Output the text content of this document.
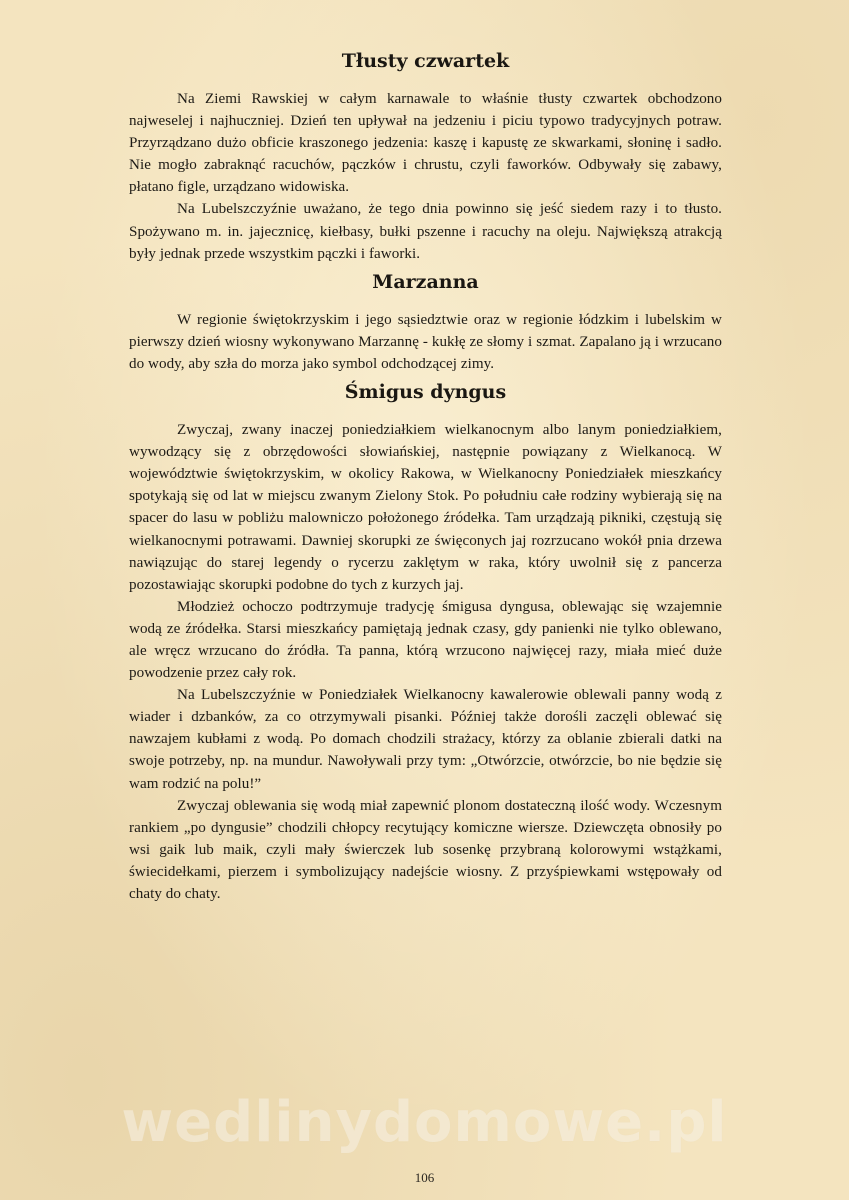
Tłusty czwartek

Na Ziemi Rawskiej w całym karnawale to właśnie tłusty czwartek obchodzono najweselej i najhuczniej. Dzień ten upływał na jedzeniu i piciu typowo tradycyjnych potraw. Przyrządzano dużo obficie kraszonego jedzenia: kaszę i kapustę ze skwarkami, słoninę i sadło. Nie mogło zabraknąć racuchów, pączków i chrustu, czyli faworków. Odbywały się zabawy, płatano figle, urządzano widowiska.

Na Lubelszczyźnie uważano, że tego dnia powinno się jeść siedem razy i to tłusto. Spożywano m. in. jajecznicę, kiełbasy, bułki pszenne i racuchy na oleju. Największą atrakcją były jednak przede wszystkim pączki i faworki.

Marzanna

W regionie świętokrzyskim i jego sąsiedztwie oraz w regionie łódzkim i lubelskim w pierwszy dzień wiosny wykonywano Marzannę - kukłę ze słomy i szmat. Zapalano ją i wrzucano do wody, aby szła do morza jako symbol odchodzącej zimy.

Śmigus dyngus

Zwyczaj, zwany inaczej poniedziałkiem wielkanocnym albo lanym poniedziałkiem, wywodzący się z obrzędowości słowiańskiej, następnie powiązany z Wielkanocą. W województwie świętokrzyskim, w okolicy Rakowa, w Wielkanocny Poniedziałek mieszkańcy spotykają się od lat w miejscu zwanym Zielony Stok. Po południu całe rodziny wybierają się na spacer do lasu w pobliżu malowniczo położonego źródełka. Tam urządzają pikniki, częstują się wielkanocnymi potrawami. Dawniej skorupki ze święconych jaj rozrzucano wokół pnia drzewa nawiązując do starej legendy o rycerzu zaklętym w raka, który uwolnił się z pancerza pozostawiając skorupki podobne do tych z kurzych jaj.

Młodzież ochoczo podtrzymuje tradycję śmigusa dyngusa, oblewając się wzajemnie wodą ze źródełka. Starsi mieszkańcy pamiętają jednak czasy, gdy panienki nie tylko oblewano, ale wręcz wrzucano do źródła. Ta panna, którą wrzucono najwięcej razy, miała mieć duże powodzenie przez cały rok.

Na Lubelszczyźnie w Poniedziałek Wielkanocny kawalerowie oblewali panny wodą z wiader i dzbanków, za co otrzymywali pisanki. Później także dorośli zaczęli oblewać się nawzajem kubłami z wodą. Po domach chodzili strażacy, którzy za oblanie zbierali datki na swoje potrzeby, np. na mundur. Nawoływali przy tym: „Otwórzcie, otwórzcie, bo nie będzie się wam rodzić na polu!”

Zwyczaj oblewania się wodą miał zapewnić plonom dostateczną ilość wody. Wczesnym rankiem „po dyngusie” chodzili chłopcy recytujący komiczne wiersze. Dziewczęta obnosiły po wsi gaik lub maik, czyli mały świerczek lub sosenkę przybraną kolorowymi wstążkami, świecidełkami, pierzem i symbolizujący nadejście wiosny. Z przyśpiewkami wstępowały od chaty do chaty.

wedlinydomowe.pl
106
